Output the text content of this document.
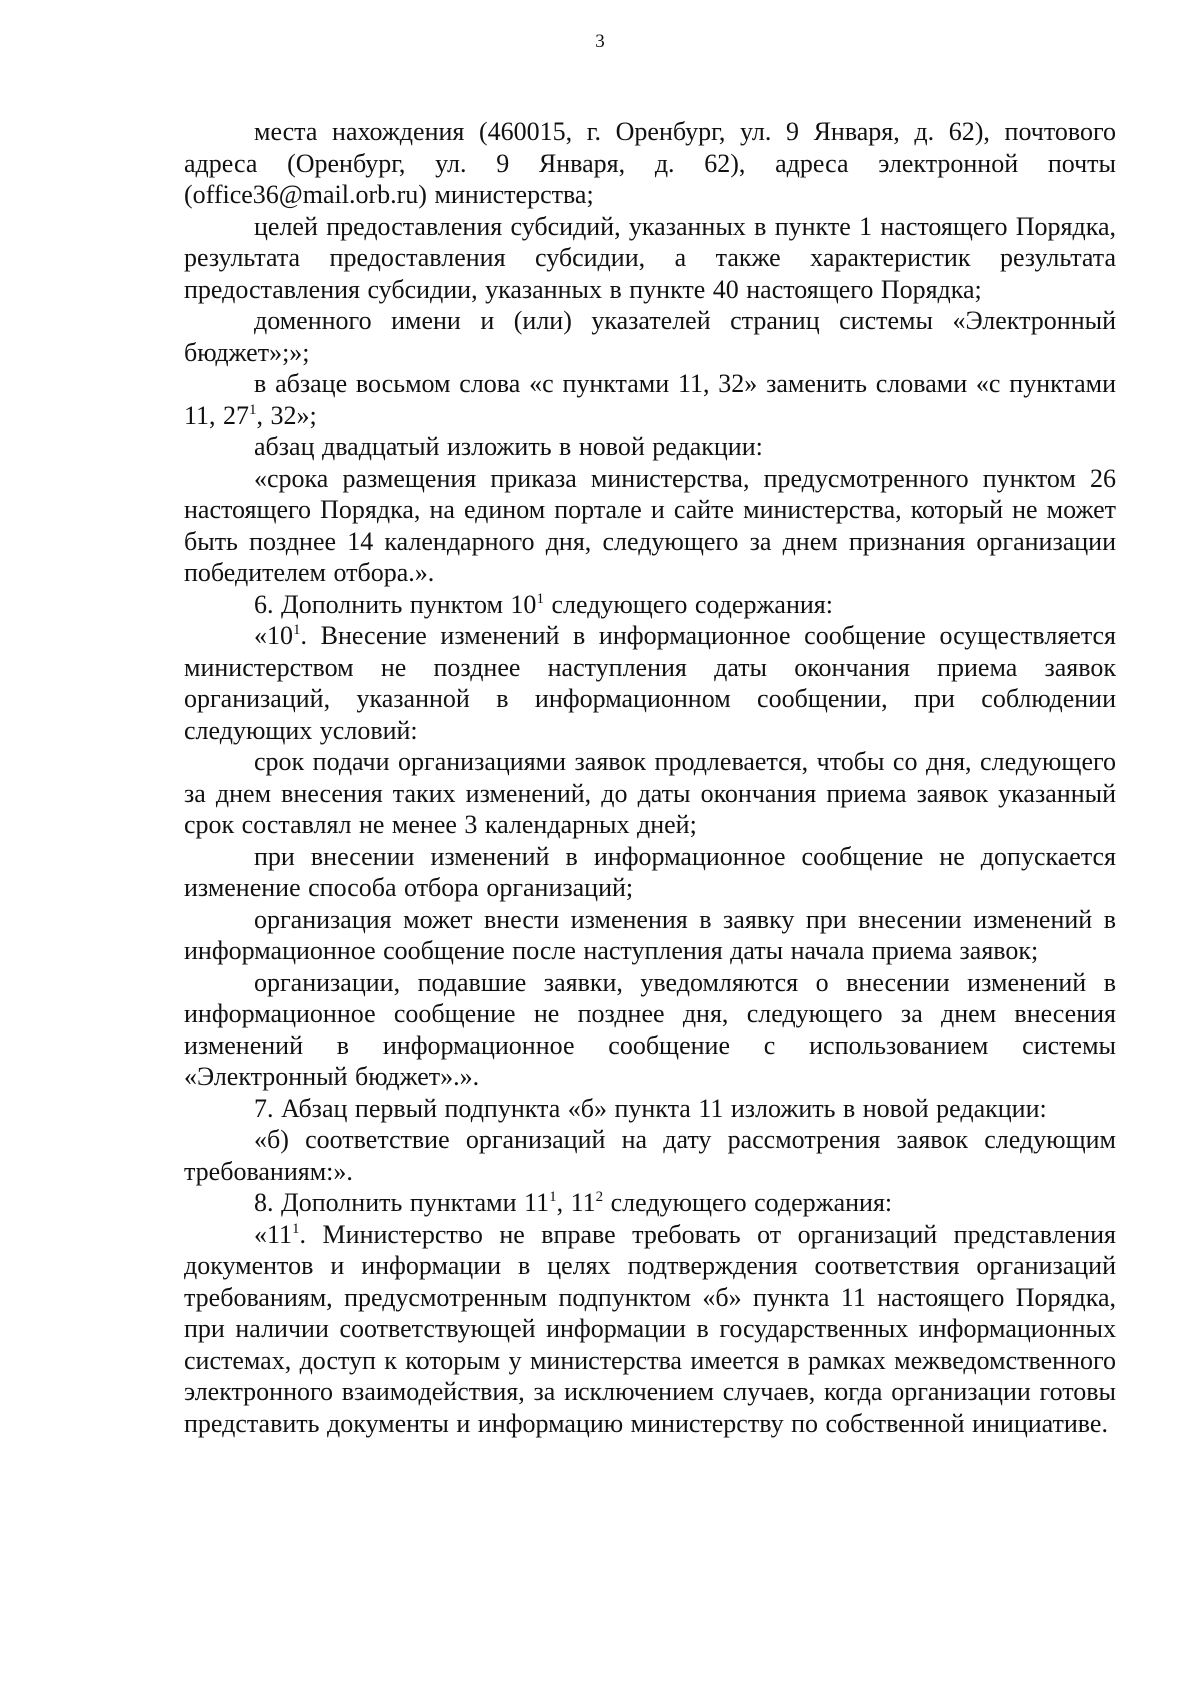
3

места нахождения (460015, г. Оренбург, ул. 9 Января, д. 62), почтового адреса (Оренбург, ул. 9 Января, д. 62), адреса электронной почты (office36@mail.orb.ru) министерства;

целей предоставления субсидий, указанных в пункте 1 настоящего Порядка, результата предоставления субсидии, а также характеристик результата предоставления субсидии, указанных в пункте 40 настоящего Порядка;

доменного имени и (или) указателей страниц системы «Электронный бюджет»;»;

в абзаце восьмом слова «с пунктами 11, 32» заменить словами «с пунктами 11, $27^1$, 32»;

абзац двадцатый изложить в новой редакции:

«срока размещения приказа министерства, предусмотренного пунктом 26 настоящего Порядка, на едином портале и сайте министерства, который не может быть позднее 14 календарного дня, следующего за днем признания организации победителем отбора.».

6. Дополнить пунктом $10^1$ следующего содержания:

«$10^1$. Внесение изменений в информационное сообщение осуществляется министерством не позднее наступления даты окончания приема заявок организаций, указанной в информационном сообщении, при соблюдении следующих условий:

срок подачи организациями заявок продлевается, чтобы со дня, следующего за днем внесения таких изменений, до даты окончания приема заявок указанный срок составлял не менее 3 календарных дней;

при внесении изменений в информационное сообщение не допускается изменение способа отбора организаций;

организация может внести изменения в заявку при внесении изменений в информационное сообщение после наступления даты начала приема заявок;

организации, подавшие заявки, уведомляются о внесении изменений в информационное сообщение не позднее дня, следующего за днем внесения изменений в информационное сообщение с использованием системы «Электронный бюджет».».

7. Абзац первый подпункта «б» пункта 11 изложить в новой редакции:

«б) соответствие организаций на дату рассмотрения заявок следующим требованиям:».

8. Дополнить пунктами $11^1$, $11^2$ следующего содержания:

«$11^1$. Министерство не вправе требовать от организаций представления документов и информации в целях подтверждения соответствия организаций требованиям, предусмотренным подпунктом «б» пункта 11 настоящего Порядка, при наличии соответствующей информации в государственных информационных системах, доступ к которым у министерства имеется в рамках межведомственного электронного взаимодействия, за исключением случаев, когда организации готовы представить документы и информацию министерству по собственной инициативе.
